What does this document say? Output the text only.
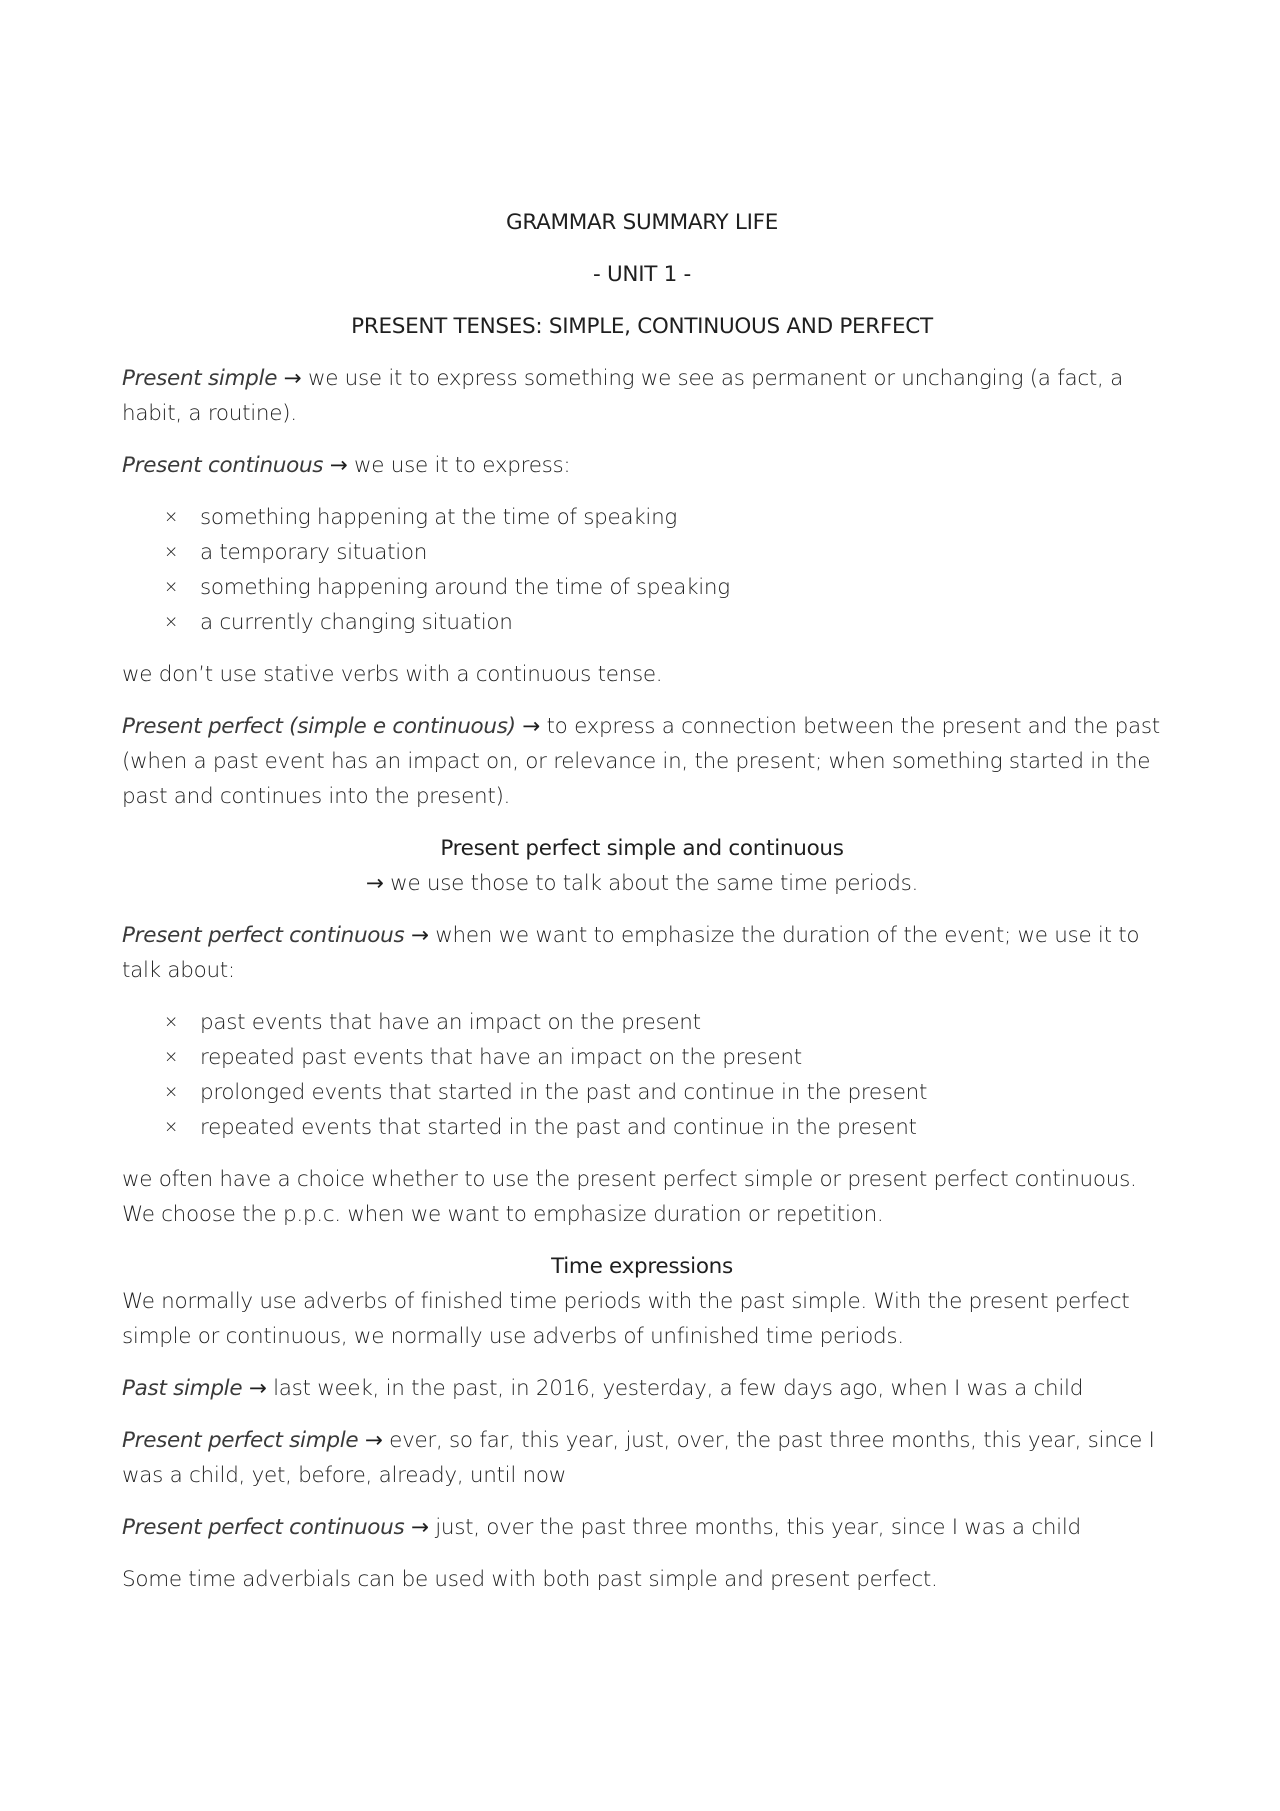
GRAMMAR SUMMARY LIFE

- UNIT 1 -

PRESENT TENSES: SIMPLE, CONTINUOUS AND PERFECT

Present simple → we use it to express something we see as permanent or unchanging (a fact, a habit, a routine).

Present continuous → we use it to express:

× something happening at the time of speaking
× a temporary situation
× something happening around the time of speaking
× a currently changing situation

we don’t use stative verbs with a continuous tense.

Present perfect (simple e continuous) → to express a connection between the present and the past (when a past event has an impact on, or relevance in, the present; when something started in the past and continues into the present).

Present perfect simple and continuous

→ we use those to talk about the same time periods.

Present perfect continuous → when we want to emphasize the duration of the event; we use it to talk about:

× past events that have an impact on the present
× repeated past events that have an impact on the present
× prolonged events that started in the past and continue in the present
× repeated events that started in the past and continue in the present

we often have a choice whether to use the present perfect simple or present perfect continuous. We choose the p.p.c. when we want to emphasize duration or repetition.

Time expressions

We normally use adverbs of finished time periods with the past simple. With the present perfect simple or continuous, we normally use adverbs of unfinished time periods.

Past simple → last week, in the past, in 2016, yesterday, a few days ago, when I was a child

Present perfect simple → ever, so far, this year, just, over, the past three months, this year, since I was a child, yet, before, already, until now

Present perfect continuous → just, over the past three months, this year, since I was a child

Some time adverbials can be used with both past simple and present perfect.
